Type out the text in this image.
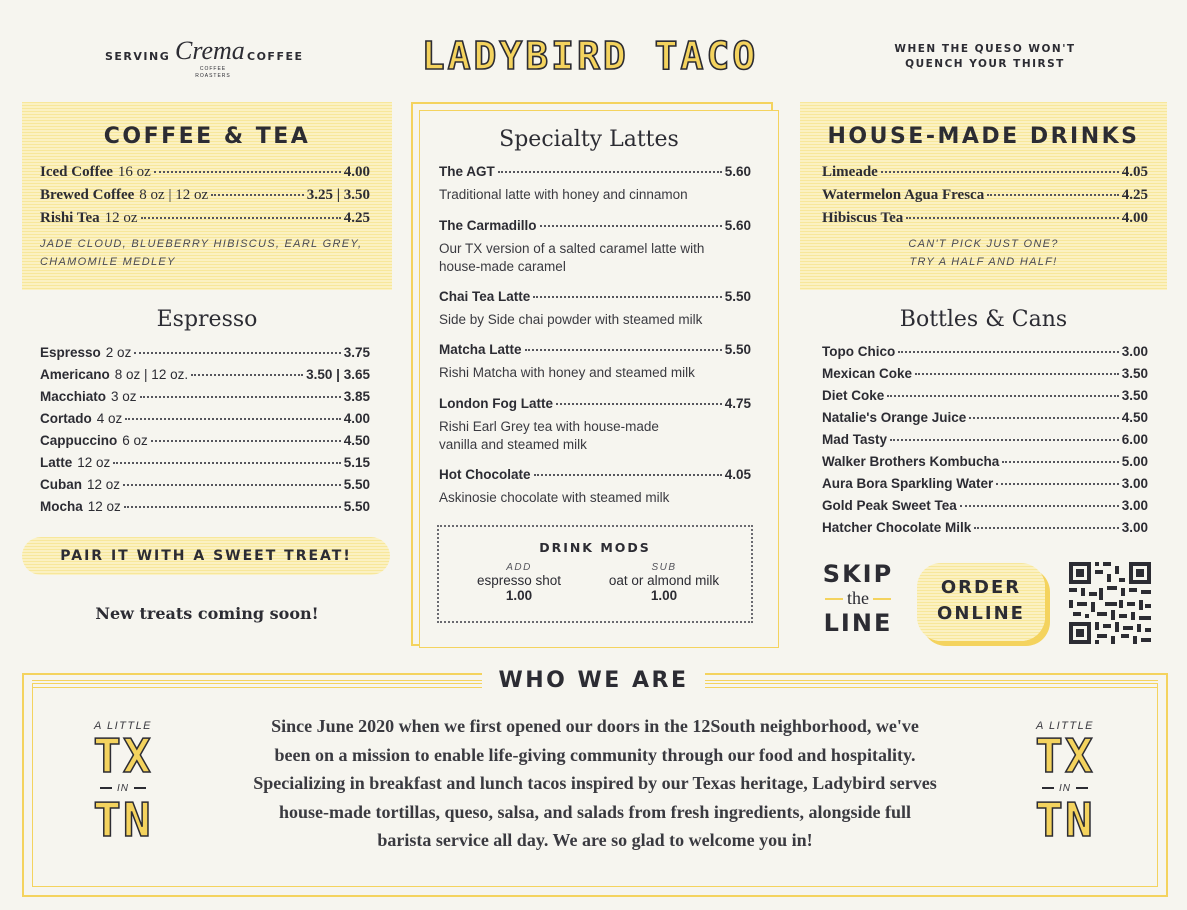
SERVING Crema
COFFEE ROASTERS
COFFEE	LADYBIRD TACO	WHEN THE QUESO WON'T
QUENCH YOUR THIRST
COFFEE & TEA
Iced Coffee 16 oz	4.00
Brewed Coffee 8 oz | 12 oz	3.25 | 3.50
Rishi Tea 12 oz	4.25
JADE CLOUD, BLUEBERRY HIBISCUS, EARL GREY,
CHAMOMILE MEDLEY
Espresso
Espresso 2 oz	3.75
Americano 8 oz | 12 oz.	3.50 | 3.65
Macchiato 3 oz	3.85
Cortado 4 oz	4.00
Cappuccino 6 oz	4.50
Latte 12 oz	5.15
Cuban 12 oz	5.50
Mocha 12 oz	5.50
PAIR IT WITH A SWEET TREAT!
New treats coming soon!
Specialty Lattes
The AGT	5.60
Traditional latte with honey and cinnamon
The Carmadillo	5.60
Our TX version of a salted caramel latte with
house-made caramel
Chai Tea Latte	5.50
Side by Side chai powder with steamed milk
Matcha Latte	5.50
Rishi Matcha with honey and steamed milk
London Fog Latte	4.75
Rishi Earl Grey tea with house-made
vanilla and steamed milk
Hot Chocolate	4.05
Askinosie chocolate with steamed milk
DRINK MODS
ADD
espresso shot
1.00
SUB
oat or almond milk
1.00
HOUSE-MADE DRINKS
Limeade	4.05
Watermelon Agua Fresca	4.25
Hibiscus Tea	4.00
CAN'T PICK JUST ONE?
TRY A HALF AND HALF!
Bottles & Cans
Topo Chico	3.00
Mexican Coke	3.50
Diet Coke	3.50
Natalie's Orange Juice	4.50
Mad Tasty	6.00
Walker Brothers Kombucha	5.00
Aura Bora Sparkling Water	3.00
Gold Peak Sweet Tea	3.00
Hatcher Chocolate Milk	3.00
SKIP
the
LINE
ORDER
ONLINE
WHO WE ARE
Since June 2020 when we first opened our doors in the 12South neighborhood, we've
been on a mission to enable life-giving community through our food and hospitality.
Specializing in breakfast and lunch tacos inspired by our Texas heritage, Ladybird serves
house-made tortillas, queso, salsa, and salads from fresh ingredients, alongside full
barista service all day. We are so glad to welcome you in!
A LITTLE
TX
IN
TN
A LITTLE
TX
IN
TN
